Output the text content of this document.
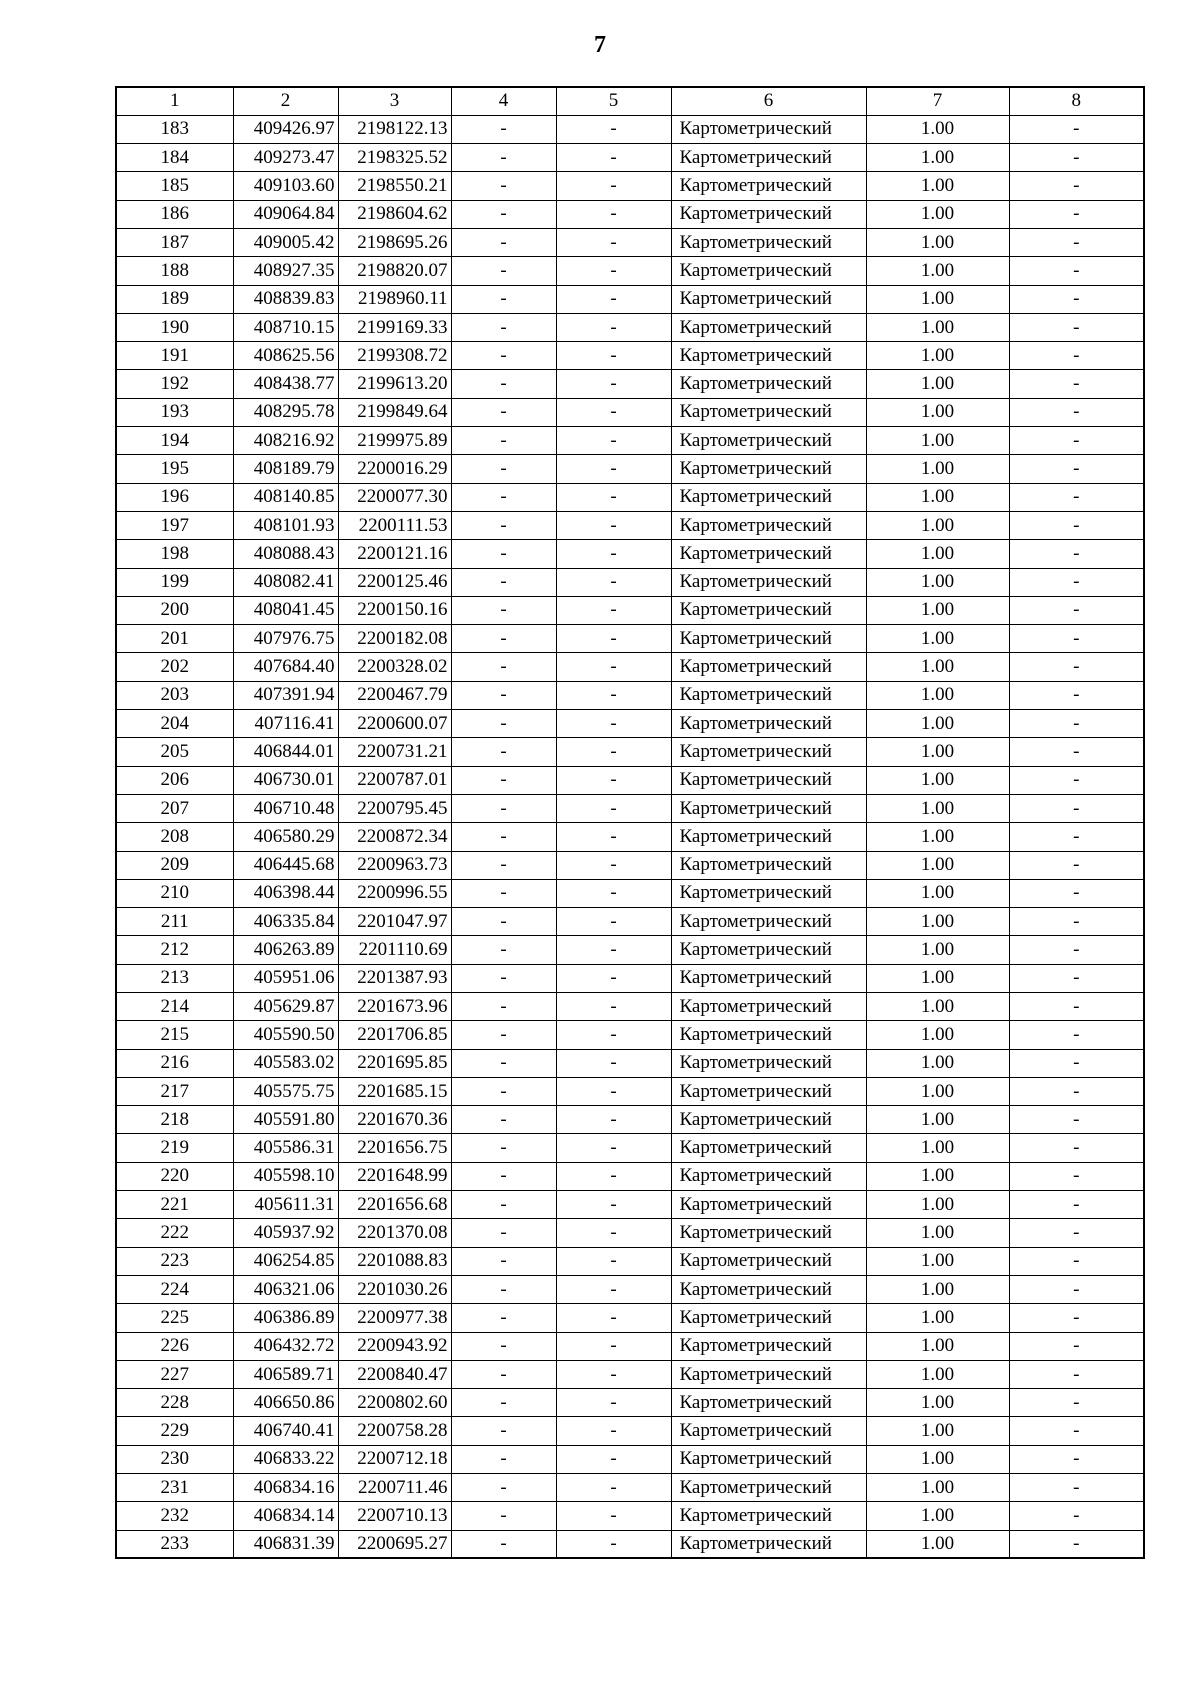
7
1	2	3	4	5	6	7	8
183	409426.97	2198122.13	-	-	Картометрический	1.00	-
184	409273.47	2198325.52	-	-	Картометрический	1.00	-
185	409103.60	2198550.21	-	-	Картометрический	1.00	-
186	409064.84	2198604.62	-	-	Картометрический	1.00	-
187	409005.42	2198695.26	-	-	Картометрический	1.00	-
188	408927.35	2198820.07	-	-	Картометрический	1.00	-
189	408839.83	2198960.11	-	-	Картометрический	1.00	-
190	408710.15	2199169.33	-	-	Картометрический	1.00	-
191	408625.56	2199308.72	-	-	Картометрический	1.00	-
192	408438.77	2199613.20	-	-	Картометрический	1.00	-
193	408295.78	2199849.64	-	-	Картометрический	1.00	-
194	408216.92	2199975.89	-	-	Картометрический	1.00	-
195	408189.79	2200016.29	-	-	Картометрический	1.00	-
196	408140.85	2200077.30	-	-	Картометрический	1.00	-
197	408101.93	2200111.53	-	-	Картометрический	1.00	-
198	408088.43	2200121.16	-	-	Картометрический	1.00	-
199	408082.41	2200125.46	-	-	Картометрический	1.00	-
200	408041.45	2200150.16	-	-	Картометрический	1.00	-
201	407976.75	2200182.08	-	-	Картометрический	1.00	-
202	407684.40	2200328.02	-	-	Картометрический	1.00	-
203	407391.94	2200467.79	-	-	Картометрический	1.00	-
204	407116.41	2200600.07	-	-	Картометрический	1.00	-
205	406844.01	2200731.21	-	-	Картометрический	1.00	-
206	406730.01	2200787.01	-	-	Картометрический	1.00	-
207	406710.48	2200795.45	-	-	Картометрический	1.00	-
208	406580.29	2200872.34	-	-	Картометрический	1.00	-
209	406445.68	2200963.73	-	-	Картометрический	1.00	-
210	406398.44	2200996.55	-	-	Картометрический	1.00	-
211	406335.84	2201047.97	-	-	Картометрический	1.00	-
212	406263.89	2201110.69	-	-	Картометрический	1.00	-
213	405951.06	2201387.93	-	-	Картометрический	1.00	-
214	405629.87	2201673.96	-	-	Картометрический	1.00	-
215	405590.50	2201706.85	-	-	Картометрический	1.00	-
216	405583.02	2201695.85	-	-	Картометрический	1.00	-
217	405575.75	2201685.15	-	-	Картометрический	1.00	-
218	405591.80	2201670.36	-	-	Картометрический	1.00	-
219	405586.31	2201656.75	-	-	Картометрический	1.00	-
220	405598.10	2201648.99	-	-	Картометрический	1.00	-
221	405611.31	2201656.68	-	-	Картометрический	1.00	-
222	405937.92	2201370.08	-	-	Картометрический	1.00	-
223	406254.85	2201088.83	-	-	Картометрический	1.00	-
224	406321.06	2201030.26	-	-	Картометрический	1.00	-
225	406386.89	2200977.38	-	-	Картометрический	1.00	-
226	406432.72	2200943.92	-	-	Картометрический	1.00	-
227	406589.71	2200840.47	-	-	Картометрический	1.00	-
228	406650.86	2200802.60	-	-	Картометрический	1.00	-
229	406740.41	2200758.28	-	-	Картометрический	1.00	-
230	406833.22	2200712.18	-	-	Картометрический	1.00	-
231	406834.16	2200711.46	-	-	Картометрический	1.00	-
232	406834.14	2200710.13	-	-	Картометрический	1.00	-
233	406831.39	2200695.27	-	-	Картометрический	1.00	-
